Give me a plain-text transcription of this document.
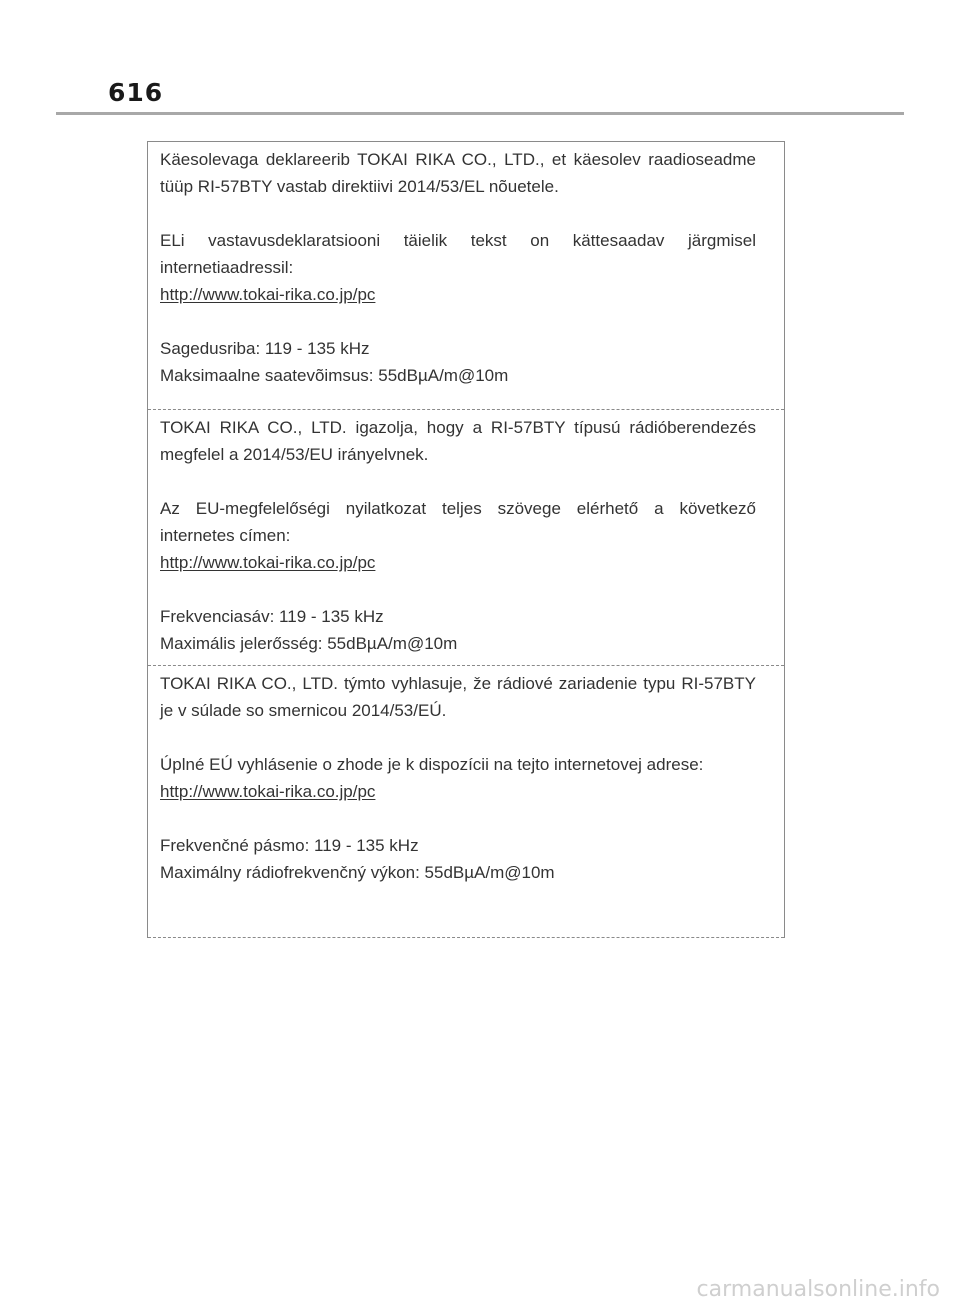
616

Käesolevaga deklareerib TOKAI RIKA CO., LTD., et käesolev raadioseadme tüüp RI-57BTY vastab direktiivi 2014/53/EL nõuetele.

ELi vastavusdeklaratsiooni täielik tekst on kättesaadav järgmisel internetiaadressil:

http://www.tokai-rika.co.jp/pc

Sagedusriba: 119 - 135 kHz

Maksimaalne saatevõimsus: 55dBµA/m@10m

TOKAI RIKA CO., LTD. igazolja, hogy a RI-57BTY típusú rádióberendezés megfelel a 2014/53/EU irányelvnek.

Az EU-megfelelőségi nyilatkozat teljes szövege elérhető a következő internetes címen:

http://www.tokai-rika.co.jp/pc

Frekvenciasáv: 119 - 135 kHz

Maximális jelerősség: 55dBµA/m@10m

TOKAI RIKA CO., LTD. týmto vyhlasuje, že rádiové zariadenie typu RI-57BTY je v súlade so smernicou 2014/53/EÚ.

Úplné EÚ vyhlásenie o zhode je k dispozícii na tejto internetovej adrese:

http://www.tokai-rika.co.jp/pc

Frekvenčné pásmo: 119 - 135 kHz

Maximálny rádiofrekvenčný výkon: 55dBµA/m@10m

carmanualsonline.info
